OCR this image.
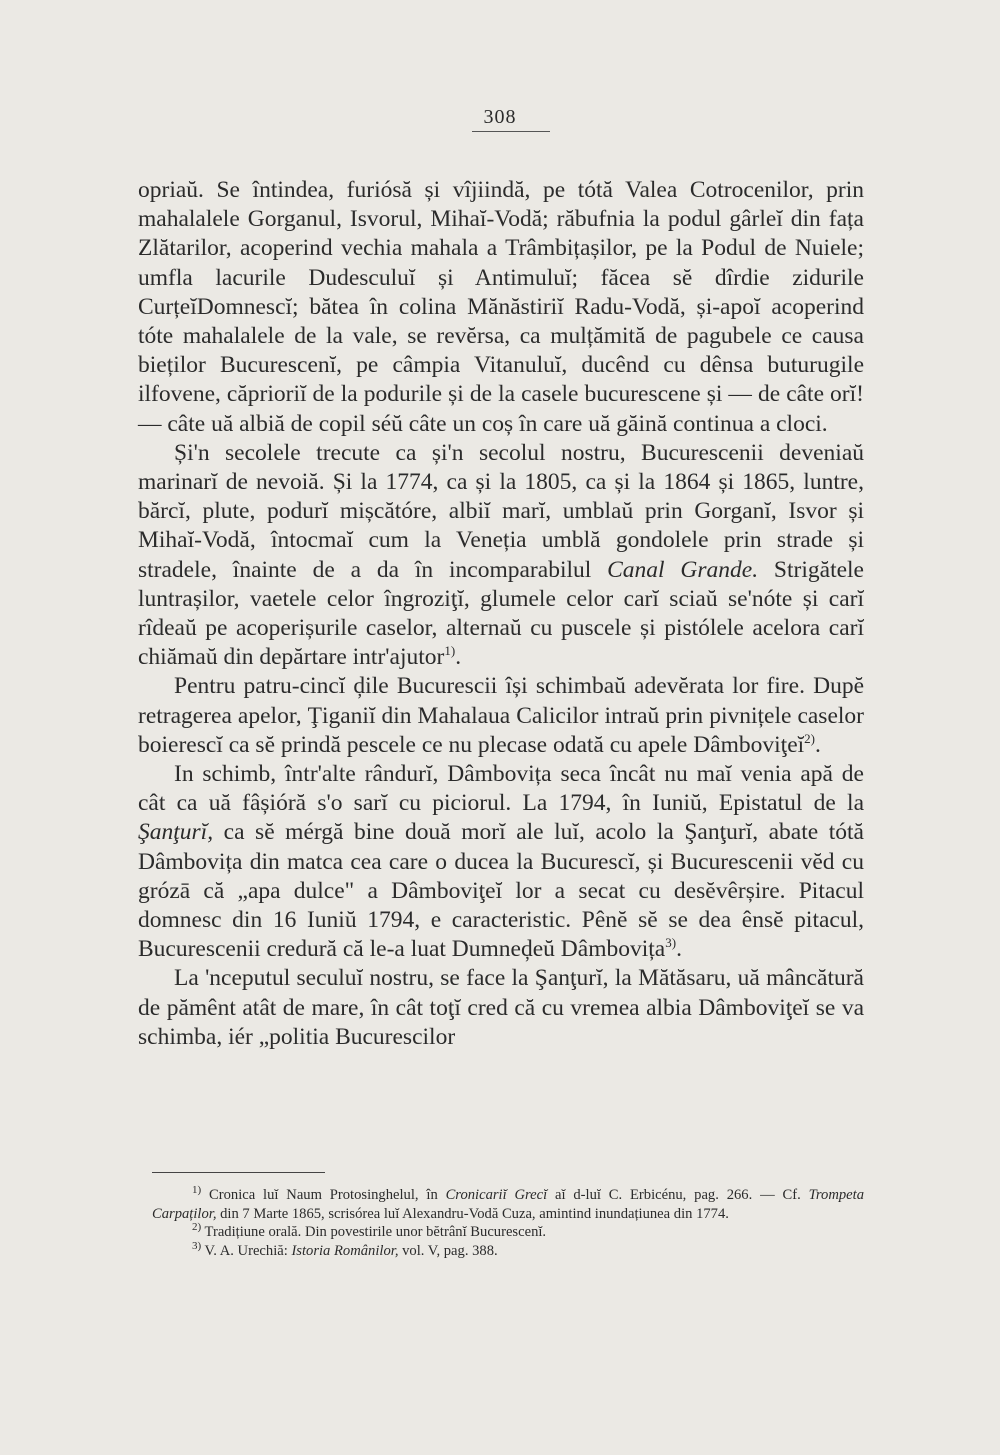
308

opriaŭ. Se întindea, furiósă și vîjiindă, pe tótă Valea Cotrocenilor, prin mahalalele Gorganul, Isvorul, Mihaĭ-Vodă; răbufnia la podul gârleĭ din fața Zlătarilor, acoperind vechia mahala a Trâmbițașilor, pe la Podul de Nuiele; umfla lacurile Dudesculuĭ și Antimuluĭ; făcea sĕ dîrdie zidurile CurțeĭDomnescĭ; bătea în colina Mănăstiriĭ Radu-Vodă, și-apoĭ acoperind tóte mahalalele de la vale, se revĕrsa, ca mulțămită de pagubele ce causa bieților Bucurescenĭ, pe câmpia Vitanuluĭ, ducênd cu dênsa buturugile ilfovene, căprioriĭ de la podurile și de la casele bucurescene și — de câte orĭ! — câte uă albiă de copil séŭ câte un coș în care uă găină continua a cloci.

Și'n secolele trecute ca și'n secolul nostru, Bucurescenii deveniaŭ marinarĭ de nevoiă. Și la 1774, ca și la 1805, ca și la 1864 și 1865, luntre, bărcĭ, plute, podurĭ mișcătóre, albiĭ marĭ, umblaŭ prin Gorganĭ, Isvor și Mihaĭ-Vodă, întocmaĭ cum la Veneția umblă gondolele prin strade și stradele, înainte de a da în incomparabilul Canal Grande. Strigătele luntrașilor, vaetele celor îngroziţĭ, glumele celor carĭ sciaŭ se'nóte și carĭ rîdeaŭ pe acoperișurile caselor, alternaŭ cu puscele și pistólele acelora carĭ chiămaŭ din depărtare intr'ajutor$^{1)}$.

Pentru patru-cincĭ ḑile Bucurescii își schimbaŭ adevĕrata lor fire. Dupĕ retragerea apelor, Ţiganiĭ din Mahalaua Calicilor intraŭ prin pivnițele caselor boierescĭ ca sĕ prindă pescele ce nu plecase odată cu apele Dâmboviţeĭ$^{2)}$.

In schimb, într'alte rândurĭ, Dâmbovița seca încât nu maĭ venia apă de cât ca uă fâșióră s'o sarĭ cu piciorul. La 1794, în Iuniŭ, Epistatul de la Şanţurĭ, ca sĕ mérgă bine două morĭ ale luĭ, acolo la Şanţurĭ, abate tótă Dâmbovița din matca cea care o ducea la Bucurescĭ, și Bucurescenii vĕd cu grózā că „apa dulce" a Dâmboviţeĭ lor a secat cu desĕvêrșire. Pitacul domnesc din 16 Iuniŭ 1794, e caracteristic. Pênĕ sĕ se dea ênsĕ pitacul, Bucurescenii credură că le-a luat Dumneḑeŭ Dâmbovița$^{3)}$.

La 'nceputul seculuĭ nostru, se face la Şanţurĭ, la Mătăsaru, uă mâncătură de pămênt atât de mare, în cât toţĭ cred că cu vremea albia Dâmboviţeĭ se va schimba, iér „politia Bucurescilor

$^{1)}$ Cronica luĭ Naum Protosinghelul, în Cronicariĭ Grecĭ aĭ d-luĭ C. Erbicénu, pag. 266. — Cf. Trompeta Carpaților, din 7 Marte 1865, scrisórea luĭ Alexandru-Vodă Cuza, amintind inundațiunea din 1774.

$^{2)}$ Tradițiune orală. Din povestirile unor bĕtrânĭ Bucurescenĭ.

$^{3)}$ V. A. Urechiă: Istoria Românilor, vol. V, pag. 388.
